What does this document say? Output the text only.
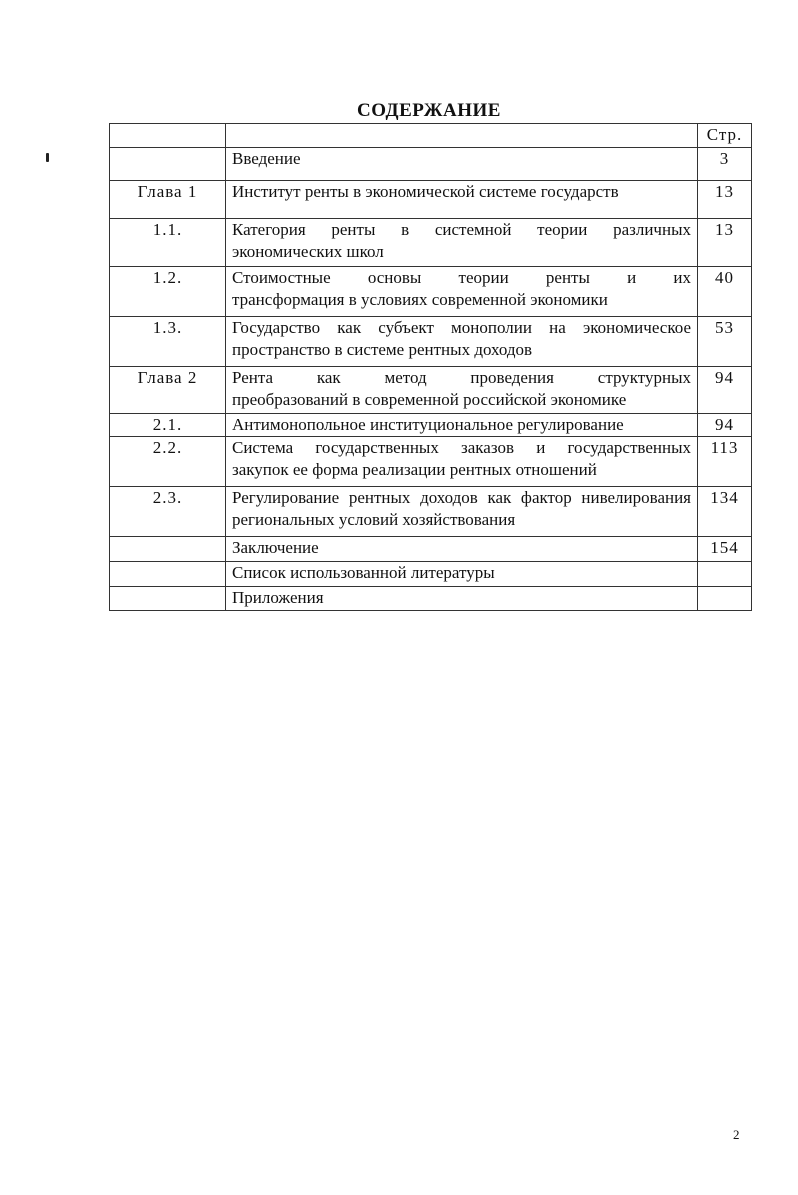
СОДЕРЖАНИЕ
		Стр.
	Введение	3
Глава 1	Институт ренты в экономической системе государств	13
1.1.	Категория ренты в системной теории различных
экономических школ	13
1.2.	Стоимостные основы теории ренты и их
трансформация в условиях современной экономики	40
1.3.	Государство как субъект монополии на экономическое
пространство в системе рентных доходов	53
Глава 2	Рента как метод проведения структурных
преобразований в современной российской экономике	94
2.1.	Антимонопольное институциональное регулирование	94
2.2.	Система государственных заказов и государственных
закупок ее форма реализации рентных отношений	113
2.3.	Регулирование рентных доходов как фактор нивелирования
региональных условий хозяйствования	134
	Заключение	154
	Список использованной литературы	
	Приложения	
2
